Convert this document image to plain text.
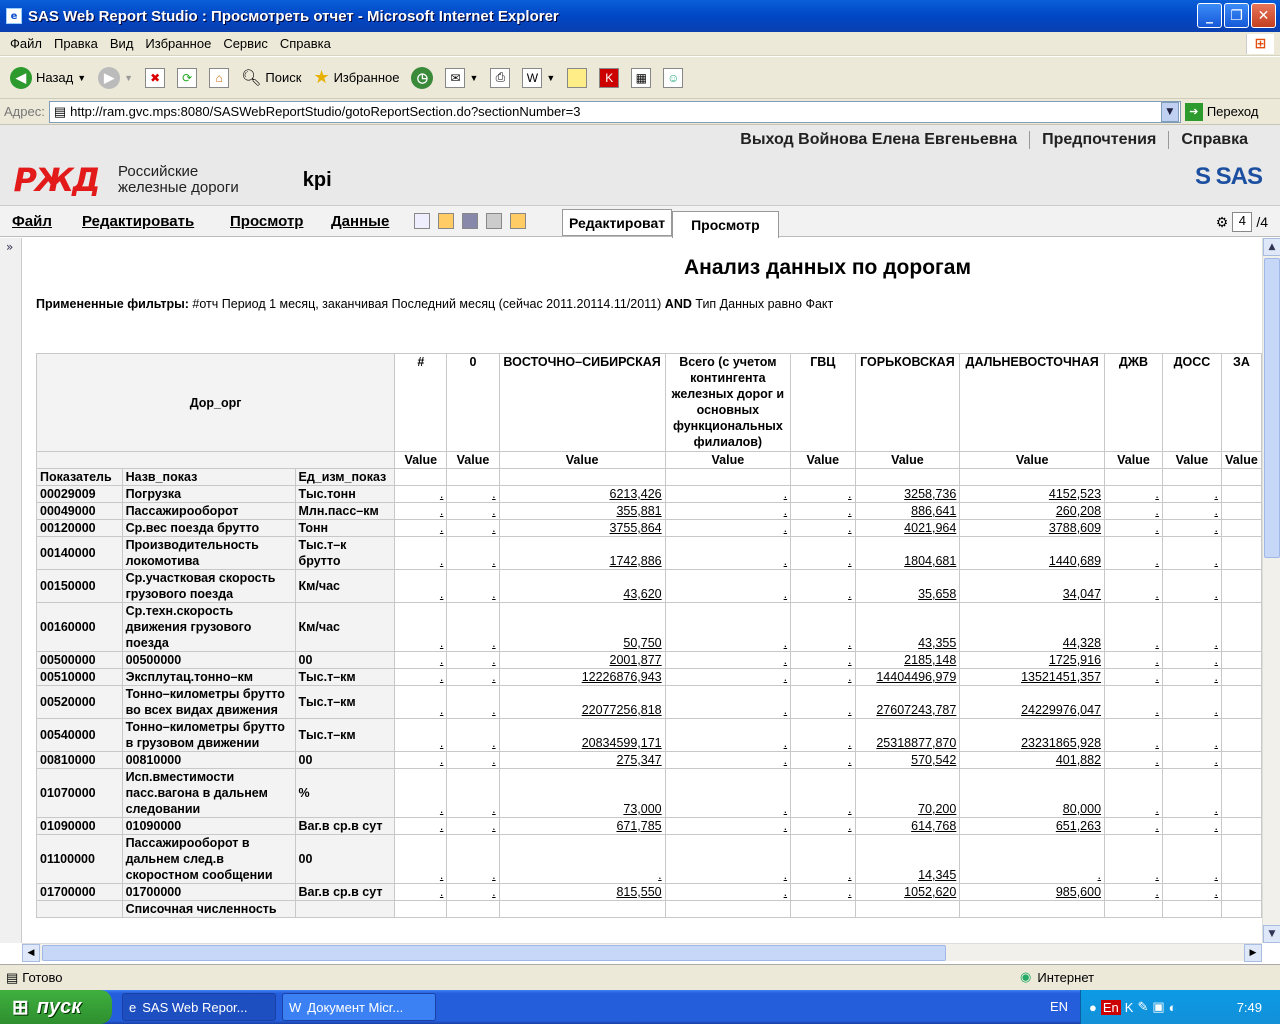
e SAS Web Report Studio : Просмотреть отчет - Microsoft Internet Explorer	_	❐	✕
Файл Правка Вид Избранное Сервис Справка	⊞
◀ Назад ▼	▶	▼	✖	⟳	⌂	🔍︎ Поиск ★ Избранное	◷	✉ ▼	⎙	W ▼	K	▦	☺
Адрес: ▤ http://ram.gvc.mps:8080/SASWebReportStudio/gotoReportSection.do?sectionNumber=3	▼	➔ Переход
Выход Войнова Елена Евгеньевна	Предпочтения	Справка
РЖД Российские
железные дороги	kpi	S SAS
Файл Редактировать Просмотр Данные	Редактироват	Просмотр	⚙ 4 /4
»
Анализ данных по дорогам
Примененные фильтры: #отч Период 1 месяц, заканчивая Последний месяц (сейчас 2011.20114.11/2011) AND Тип Данных равно Факт
Дор_орг			#	0	ВОСТОЧНО–СИБИРСКАЯ	Всего (с учетом контингента железных дорог и основных функциональных филиалов)	ГВЦ	ГОРЬКОВСКАЯ	ДАЛЬНЕВОСТОЧНАЯ	ДЖВ	ДОСС	ЗА
			Value	Value	Value	Value	Value	Value	Value	Value	Value	Value
Показатель	Назв_показ	Ед_изм_показ										
00029009	Погрузка	Тыс.тонн	.	.	6213,426	.	.	3258,736	4152,523	.	.	
00049000	Пассажирооборот	Млн.пасс–км	.	.	355,881	.	.	886,641	260,208	.	.	
00120000	Ср.вес поезда брутто	Тонн	.	.	3755,864	.	.	4021,964	3788,609	.	.	
00140000	Производительность локомотива	Тыс.т–к брутто	.	.	1742,886	.	.	1804,681	1440,689	.	.	
00150000	Ср.участковая скорость грузового поезда	Км/час	.	.	43,620	.	.	35,658	34,047	.	.	
00160000	Ср.техн.скорость движения грузового поезда	Км/час	.	.	50,750	.	.	43,355	44,328	.	.	
00500000	00500000	00	.	.	2001,877	.	.	2185,148	1725,916	.	.	
00510000	Эксплутац.тонно–км	Тыс.т–км	.	.	12226876,943	.	.	14404496,979	13521451,357	.	.	
00520000	Тонно–километры брутто во всех видах движения	Тыс.т–км	.	.	22077256,818	.	.	27607243,787	24229976,047	.	.	
00540000	Тонно–километры брутто в грузовом движении	Тыс.т–км	.	.	20834599,171	.	.	25318877,870	23231865,928	.	.	
00810000	00810000	00	.	.	275,347	.	.	570,542	401,882	.	.	
01070000	Исп.вместимости пасс.вагона в дальнем следовании	%	.	.	73,000	.	.	70,200	80,000	.	.	
01090000	01090000	Ваг.в ср.в сут	.	.	671,785	.	.	614,768	651,263	.	.	
01100000	Пассажирооборот в дальнем след.в скоростном сообщении	00	.	.	.	.	.	14,345	.	.	.	
01700000	01700000	Ваг.в ср.в сут	.	.	815,550	.	.	1052,620	985,600	.	.	
	Списочная численность											
▲
▼
◀	▶
▤ Готово	◉ Интернет
⊞ пуск	e SAS Web Repor...	W Документ Micr...	EN ● En K ✎ ▣ ◐	7:49
